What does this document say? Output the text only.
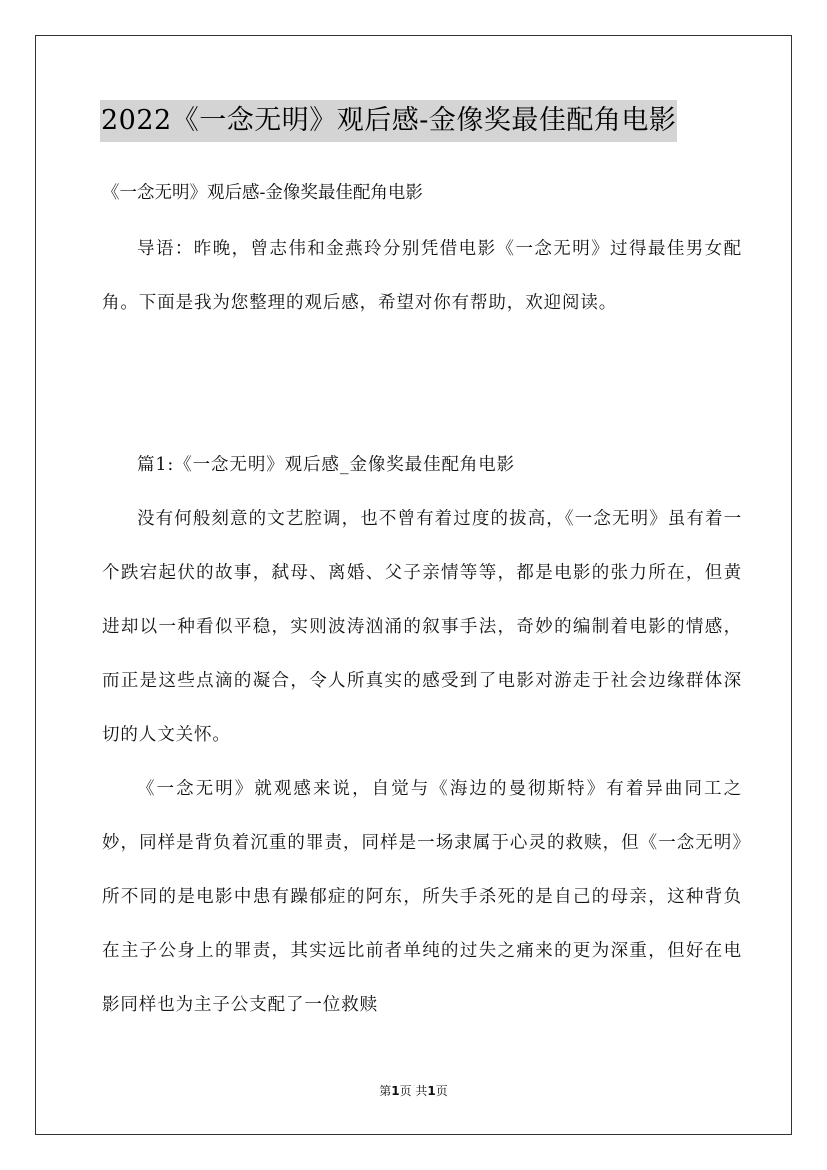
2022《一念无明》观后感-金像奖最佳配角电影
《一念无明》观后感-金像奖最佳配角电影

导语：昨晚，曾志伟和金燕玲分别凭借电影《一念无明》过得最佳男女配角。下面是我为您整理的观后感，希望对你有帮助，欢迎阅读。

篇1:《一念无明》观后感_金像奖最佳配角电影

没有何般刻意的文艺腔调，也不曾有着过度的拔高，《一念无明》虽有着一个跌宕起伏的故事，弑母、离婚、父子亲情等等，都是电影的张力所在，但黄进却以一种看似平稳，实则波涛汹涌的叙事手法，奇妙的编制着电影的情感，而正是这些点滴的凝合，令人所真实的感受到了电影对游走于社会边缘群体深切的人文关怀。

《一念无明》就观感来说，自觉与《海边的曼彻斯特》有着异曲同工之妙，同样是背负着沉重的罪责，同样是一场隶属于心灵的救赎，但《一念无明》所不同的是电影中患有躁郁症的阿东，所失手杀死的是自己的母亲，这种背负在主子公身上的罪责，其实远比前者单纯的过失之痛来的更为深重，但好在电影同样也为主子公支配了一位救赎

第1页 共1页
